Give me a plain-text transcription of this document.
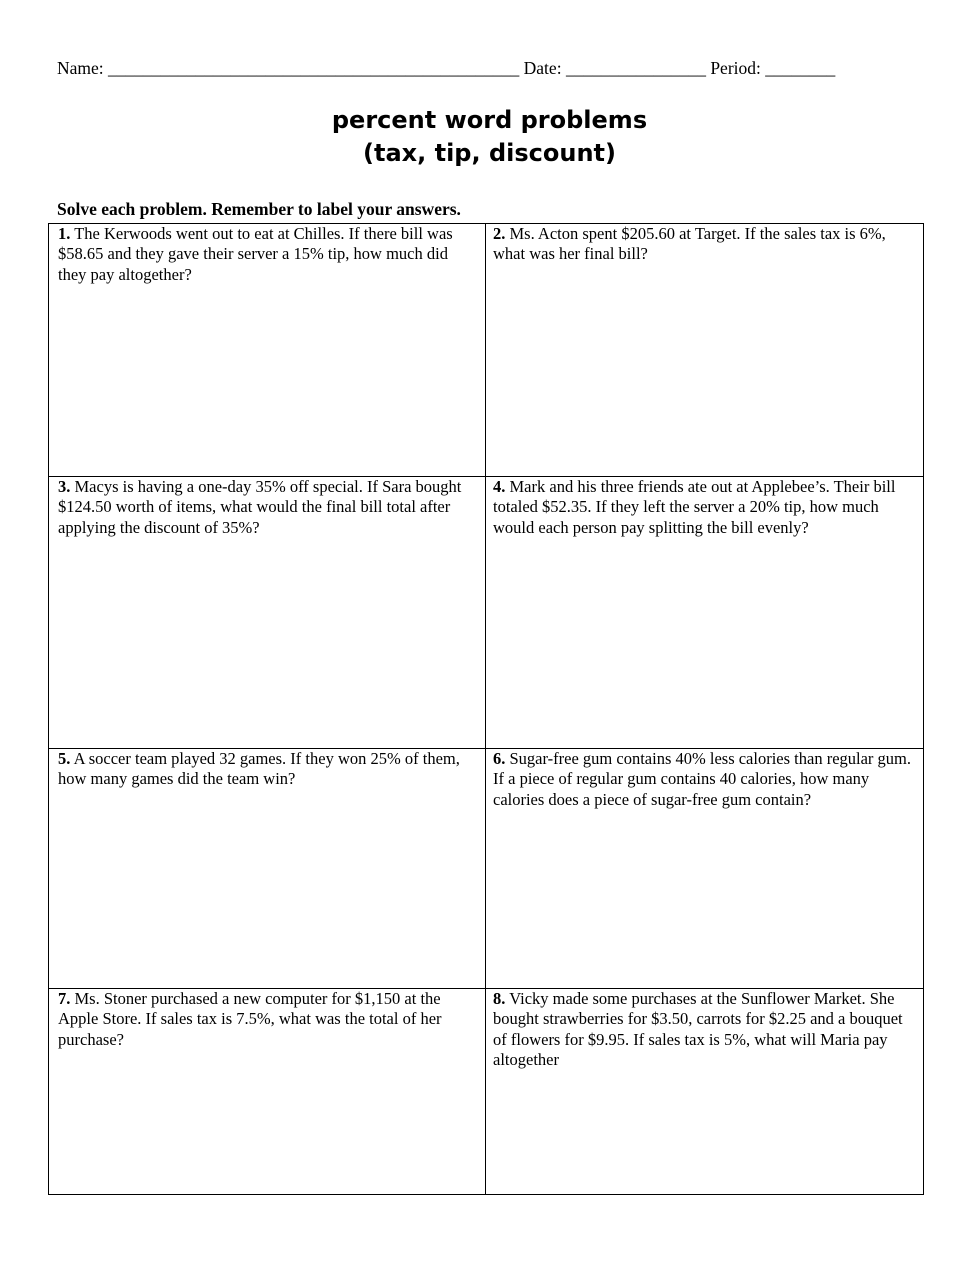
Name: _______________________________________________ Date: ________________ Period: ________
percent word problems
(tax, tip, discount)
Solve each problem. Remember to label your answers.

1. The Kerwoods went out to eat at Chilles. If there bill was $58.65 and they gave their server a 15% tip, how much did they pay altogether?

2. Ms. Acton spent $205.60 at Target. If the sales tax is 6%, what was her final bill?

3. Macys is having a one-day 35% off special. If Sara bought $124.50 worth of items, what would the final bill total after applying the discount of 35%?

4. Mark and his three friends ate out at Applebee’s. Their bill totaled $52.35. If they left the server a 20% tip, how much would each person pay splitting the bill evenly?

5. A soccer team played 32 games. If they won 25% of them, how many games did the team win?

6. Sugar-free gum contains 40% less calories than regular gum. If a piece of regular gum contains 40 calories, how many calories does a piece of sugar-free gum contain?

7. Ms. Stoner purchased a new computer for $1,150 at the Apple Store. If sales tax is 7.5%, what was the total of her purchase?

8. Vicky made some purchases at the Sunflower Market. She bought strawberries for $3.50, carrots for $2.25 and a bouquet of flowers for $9.95. If sales tax is 5%, what will Maria pay altogether
